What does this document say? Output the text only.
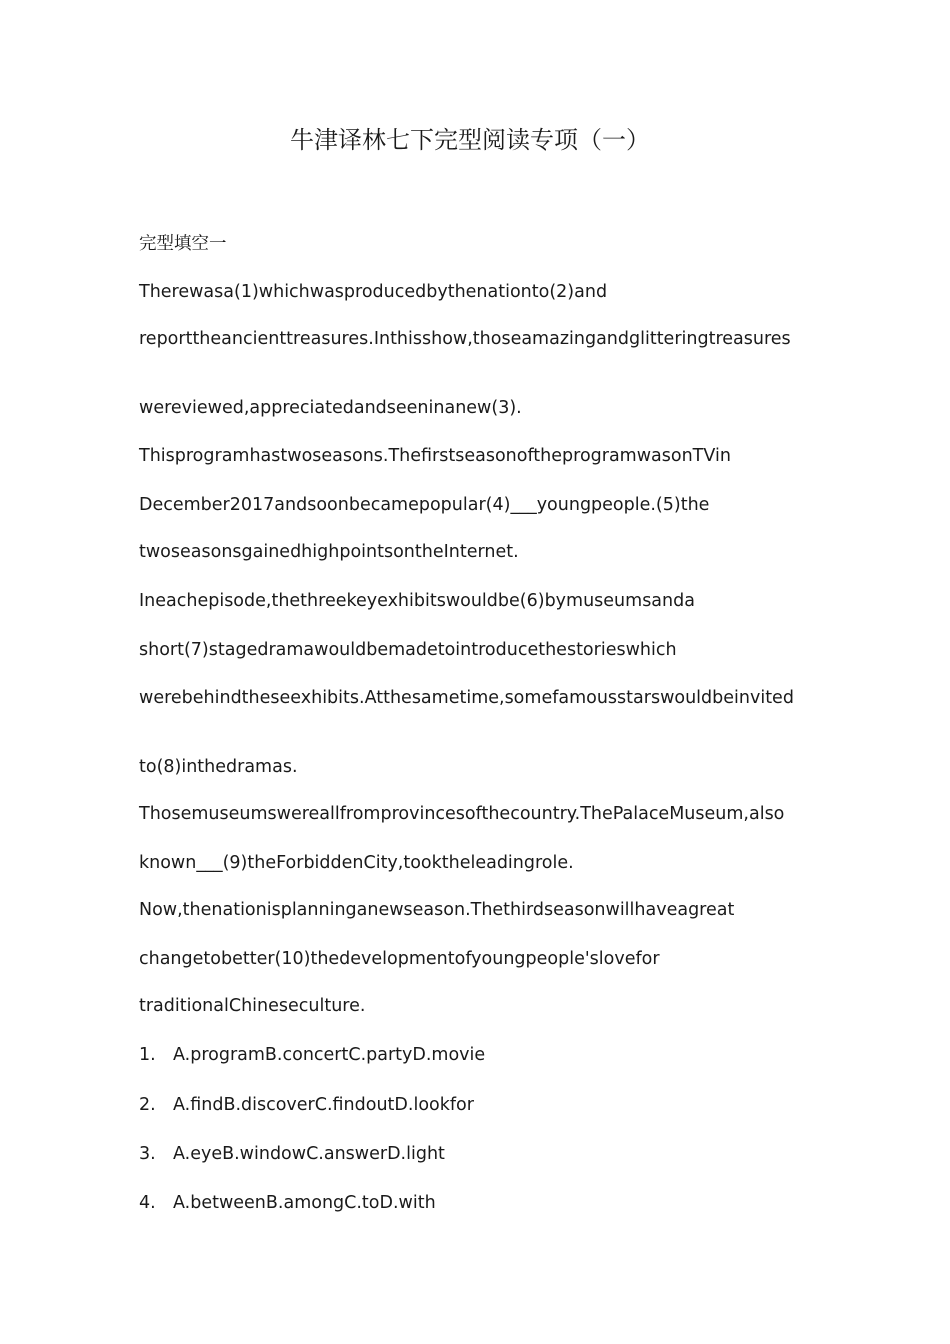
牛津译林七下完型阅读专项（一）
完型填空一
Therewasa(1)whichwasproducedbythenationto(2)and
reporttheancienttreasures.Inthisshow,thoseamazingandglitteringtreasures
wereviewed,appreciatedandseeninanew(3).
Thisprogramhastwoseasons.ThefirstseasonoftheprogramwasonTVin
December2017andsoonbecamepopular(4)___youngpeople.(5)the
twoseasonsgainedhighpointsontheInternet.
Ineachepisode,thethreekeyexhibitswouldbe(6)bymuseumsanda
short(7)stagedramawouldbemadetointroducethestorieswhich
werebehindtheseexhibits.Atthesametime,somefamousstarswouldbeinvited
to(8)inthedramas.
Thosemuseumswereallfromprovincesofthecountry.ThePalaceMuseum,also
known___(9)theForbiddenCity,tooktheleadingrole.
Now,thenationisplanninganewseason.Thethirdseasonwillhaveagreat
changetobetter(10)thedevelopmentofyoungpeople'slovefor
traditionalChineseculture.
1. A.programB.concertC.partyD.movie
2. A.findB.discoverC.findoutD.lookfor
3. A.eyeB.windowC.answerD.light
4. A.betweenB.amongC.toD.with
